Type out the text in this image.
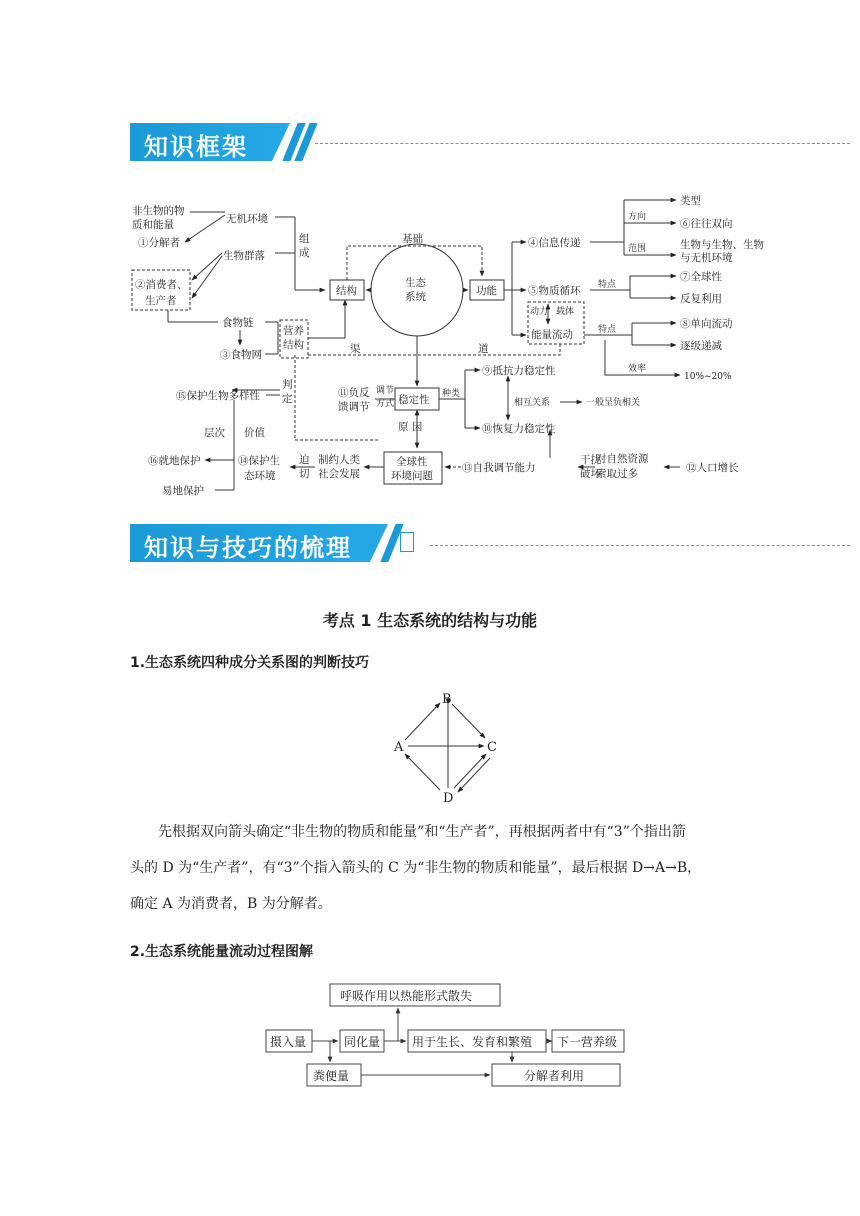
知识框架
非生物的物
质和能量	无机环境
①分解者
②消费者、
生产者
生物群落
组
成
基础
结构
生态
系统	功能
食物链
③食物网
营养
结构	渠	道
④信息传递
类型
方向
⑥往往双向
范围	生物与生物、生物
与无机环境
⑤物质循环 特点
⑦全球性
反复利用
动力 载体
能量流动	特点	⑧单向流动
逐级递减
效率
10%~20%
⑮保护生物多样性
判
定	⑪负反
馈调节
调节
方式 稳定性 种类
⑨抵抗力稳定性
相互关系	一般呈负相关
⑩恢复力稳定性
层次 价值	原 因
⑯就地保护	⑭保护生
态环境
迫
切
制约人类
社会发展
全球性
环境问题
⑬自我调节能力
干扰
破坏
对自然资源
索取过多	⑫人口增长
易地保护
知识与技巧的梳理
考点 1 生态系统的结构与功能
1.生态系统四种成分关系图的判断技巧
B
A	C
D

先根据双向箭头确定“非生物的物质和能量”和“生产者”，再根据两者中有“3”个指出箭

头的 D 为“生产者”，有“3”个指入箭头的 C 为“非生物的物质和能量”，最后根据 D→A→B，

确定 A 为消费者，B 为分解者。

2.生态系统能量流动过程图解
呼吸作用以热能形式散失
摄入量	同化量	用于生长、发育和繁殖 下一营养级
粪便量	分解者利用
